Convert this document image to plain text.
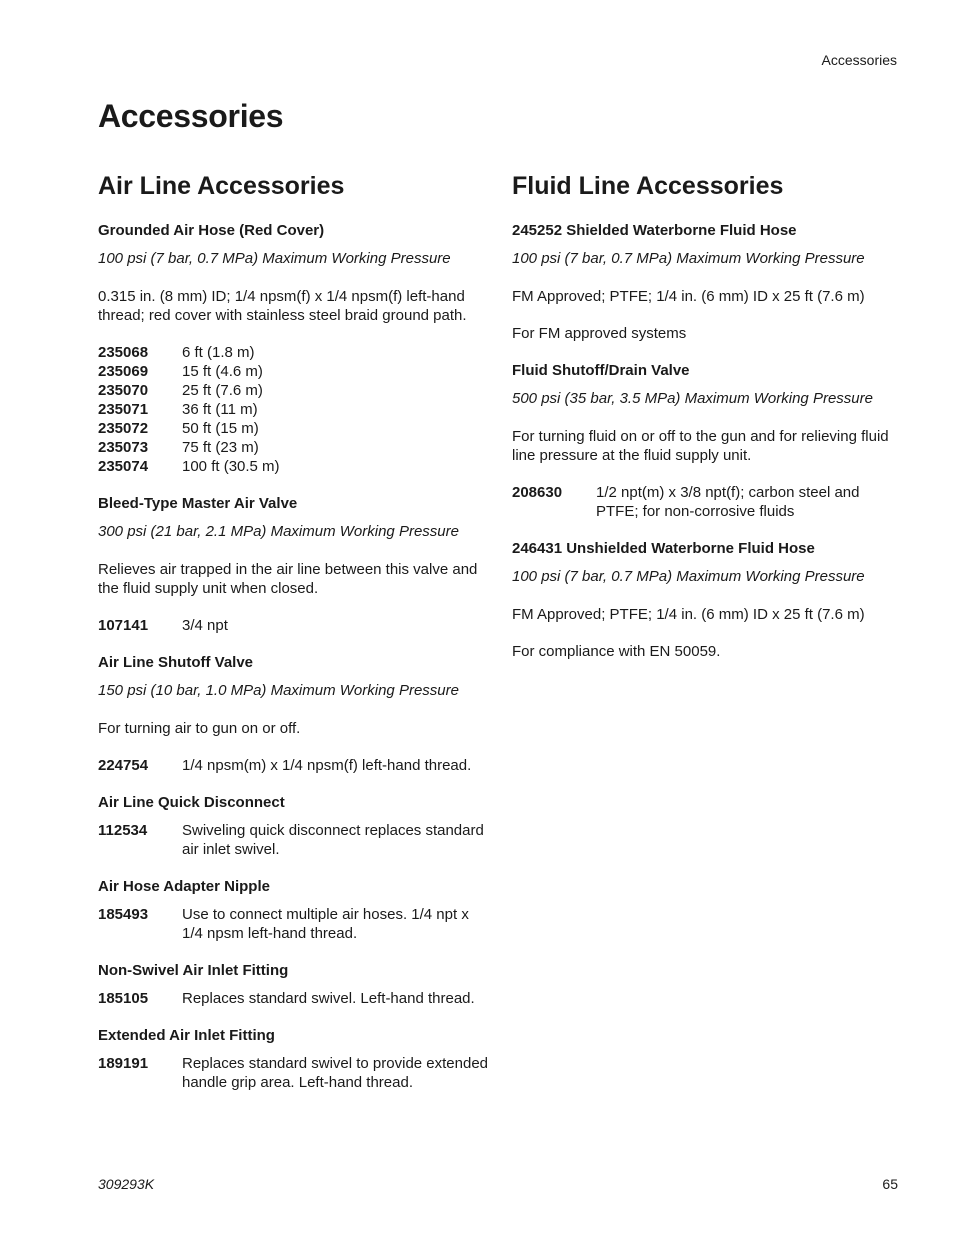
Accessories
Accessories
Air Line Accessories
Grounded Air Hose (Red Cover)
100 psi (7 bar, 0.7 MPa) Maximum Working Pressure
0.315 in. (8 mm) ID; 1/4 npsm(f) x 1/4 npsm(f) left-hand thread; red cover with stainless steel braid ground path.
235068	6 ft (1.8 m)
235069	15 ft (4.6 m)
235070	25 ft (7.6 m)
235071	36 ft (11 m)
235072	50 ft (15 m)
235073	75 ft (23 m)
235074	100 ft (30.5 m)
Bleed-Type Master Air Valve
300 psi (21 bar, 2.1 MPa) Maximum Working Pressure
Relieves air trapped in the air line between this valve and the fluid supply unit when closed.
107141	3/4 npt
Air Line Shutoff Valve
150 psi (10 bar, 1.0 MPa) Maximum Working Pressure
For turning air to gun on or off.
224754	1/4 npsm(m) x 1/4 npsm(f) left-hand thread.
Air Line Quick Disconnect
112534	Swiveling quick disconnect replaces standard air inlet swivel.
Air Hose Adapter Nipple
185493	Use to connect multiple air hoses. 1/4 npt x 1/4 npsm left-hand thread.
Non-Swivel Air Inlet Fitting
185105	Replaces standard swivel. Left-hand thread.
Extended Air Inlet Fitting
189191	Replaces standard swivel to provide extended handle grip area. Left-hand thread.
Fluid Line Accessories
245252 Shielded Waterborne Fluid Hose
100 psi (7 bar, 0.7 MPa) Maximum Working Pressure
FM Approved; PTFE; 1/4 in. (6 mm) ID x 25 ft (7.6 m)
For FM approved systems
Fluid Shutoff/Drain Valve
500 psi (35 bar, 3.5 MPa) Maximum Working Pressure
For turning fluid on or off to the gun and for relieving fluid line pressure at the fluid supply unit.
208630	1/2 npt(m) x 3/8 npt(f); carbon steel and PTFE; for non-corrosive fluids
246431 Unshielded Waterborne Fluid Hose
100 psi (7 bar, 0.7 MPa) Maximum Working Pressure
FM Approved; PTFE; 1/4 in. (6 mm) ID x 25 ft (7.6 m)
For compliance with EN 50059.
309293K	65
